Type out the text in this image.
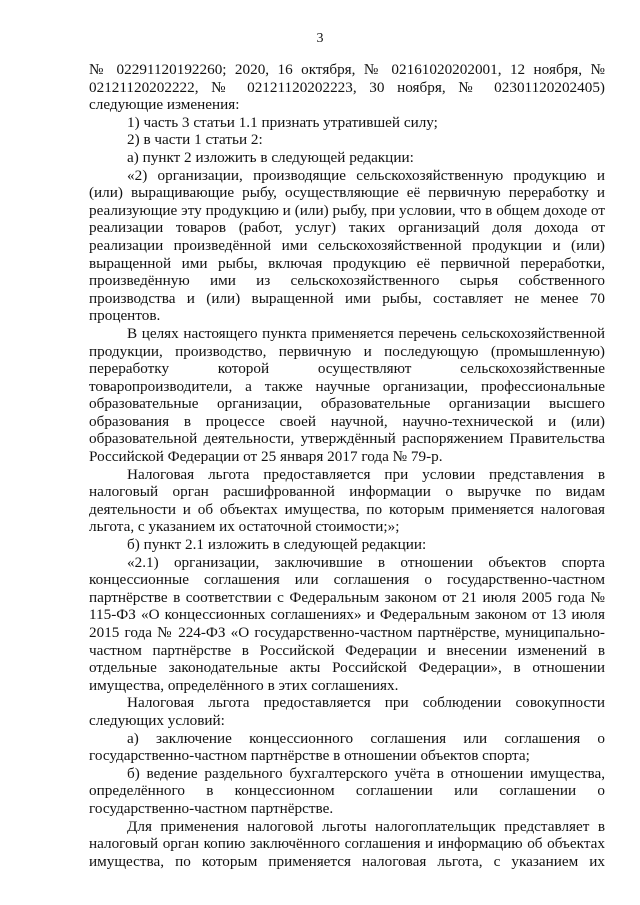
3

№ 02291120192260; 2020, 16 октября, № 02161020202001, 12 ноября, № 02121120202222, № 02121120202223, 30 ноября, № 02301120202405) следующие изменения:

1) часть 3 статьи 1.1 признать утратившей силу;

2) в части 1 статьи 2:

а) пункт 2 изложить в следующей редакции:

«2) организации, производящие сельскохозяйственную продукцию и (или) выращивающие рыбу, осуществляющие её первичную переработку и реализующие эту продукцию и (или) рыбу, при условии, что в общем доходе от реализации товаров (работ, услуг) таких организаций доля дохода от реализации произведённой ими сельскохозяйственной продукции и (или) выращенной ими рыбы, включая продукцию её первичной переработки, произведённую ими из сельскохозяйственного сырья собственного производства и (или) выращенной ими рыбы, составляет не менее 70 процентов.

В целях настоящего пункта применяется перечень сельскохозяйственной продукции, производство, первичную и последующую (промышленную) переработку которой осуществляют сельскохозяйственные товаропроизводители, а также научные организации, профессиональные образовательные организации, образовательные организации высшего образования в процессе своей научной, научно-технической и (или) образовательной деятельности, утверждённый распоряжением Правительства Российской Федерации от 25 января 2017 года № 79-р.

Налоговая льгота предоставляется при условии представления в налоговый орган расшифрованной информации о выручке по видам деятельности и об объектах имущества, по которым применяется налоговая льгота, с указанием их остаточной стоимости;»;

б) пункт 2.1 изложить в следующей редакции:

«2.1) организации, заключившие в отношении объектов спорта концессионные соглашения или соглашения о государственно-частном партнёрстве в соответствии с Федеральным законом от 21 июля 2005 года № 115-ФЗ «О концессионных соглашениях» и Федеральным законом от 13 июля 2015 года № 224-ФЗ «О государственно-частном партнёрстве, муниципально-частном партнёрстве в Российской Федерации и внесении изменений в отдельные законодательные акты Российской Федерации», в отношении имущества, определённого в этих соглашениях.

Налоговая льгота предоставляется при соблюдении совокупности следующих условий:

а) заключение концессионного соглашения или соглашения о государственно-частном партнёрстве в отношении объектов спорта;

б) ведение раздельного бухгалтерского учёта в отношении имущества, определённого в концессионном соглашении или соглашении о государственно-частном партнёрстве.

Для применения налоговой льготы налогоплательщик представляет в налоговый орган копию заключённого соглашения и информацию об объектах имущества, по которым применяется налоговая льгота, с указанием их
